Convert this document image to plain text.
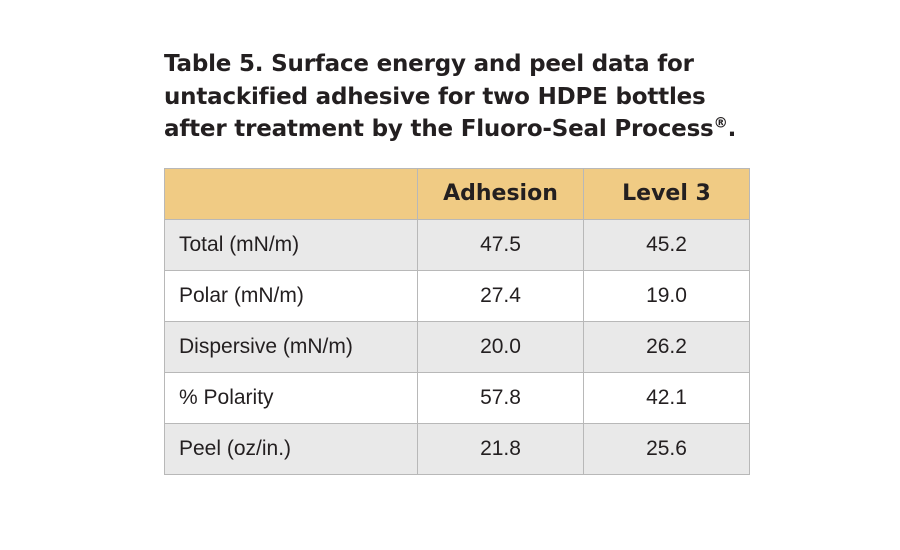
Table 5. Surface energy and peel data for untackified adhesive for two HDPE bottles after treatment by the Fluoro-Seal Process®.

	Adhesion	Level 3
Total (mN/m)	47.5	45.2
Polar (mN/m)	27.4	19.0
Dispersive (mN/m)	20.0	26.2
% Polarity	57.8	42.1
Peel (oz/in.)	21.8	25.6
